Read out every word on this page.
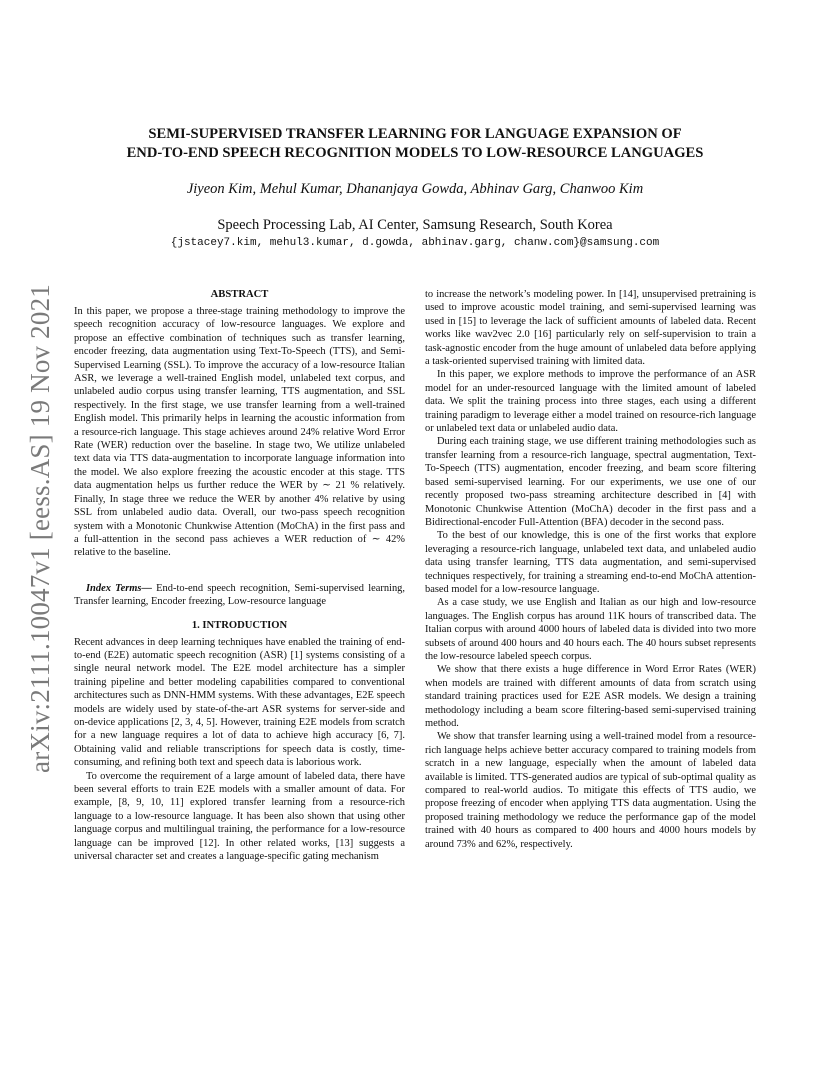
arXiv:2111.10047v1 [eess.AS] 19 Nov 2021
SEMI-SUPERVISED TRANSFER LEARNING FOR LANGUAGE EXPANSION OF
END-TO-END SPEECH RECOGNITION MODELS TO LOW-RESOURCE LANGUAGES
Jiyeon Kim, Mehul Kumar, Dhananjaya Gowda, Abhinav Garg, Chanwoo Kim
Speech Processing Lab, AI Center, Samsung Research, South Korea
{jstacey7.kim, mehul3.kumar, d.gowda, abhinav.garg, chanw.com}@samsung.com
ABSTRACT

In this paper, we propose a three-stage training methodology to improve the speech recognition accuracy of low-resource languages. We explore and propose an effective combination of techniques such as transfer learning, encoder freezing, data augmentation using Text-To-Speech (TTS), and Semi-Supervised Learning (SSL). To improve the accuracy of a low-resource Italian ASR, we leverage a well-trained English model, unlabeled text corpus, and unlabeled audio corpus using transfer learning, TTS augmentation, and SSL respectively. In the first stage, we use transfer learning from a well-trained English model. This primarily helps in learning the acoustic information from a resource-rich language. This stage achieves around 24% relative Word Error Rate (WER) reduction over the baseline. In stage two, We utilize unlabeled text data via TTS data-augmentation to incorporate language information into the model. We also explore freezing the acoustic encoder at this stage. TTS data augmentation helps us further reduce the WER by ∼ 21 % relatively. Finally, In stage three we reduce the WER by another 4% relative by using SSL from unlabeled audio data. Overall, our two-pass speech recognition system with a Monotonic Chunkwise Attention (MoChA) in the first pass and a full-attention in the second pass achieves a WER reduction of ∼ 42% relative to the baseline.

Index Terms— End-to-end speech recognition, Semi-supervised learning, Transfer learning, Encoder freezing, Low-resource language

1. INTRODUCTION

Recent advances in deep learning techniques have enabled the training of end-to-end (E2E) automatic speech recognition (ASR) [1] systems consisting of a single neural network model. The E2E model architecture has a simpler training pipeline and better modeling capabilities compared to conventional architectures such as DNN-HMM systems. With these advantages, E2E speech models are widely used by state-of-the-art ASR systems for server-side and on-device applications [2, 3, 4, 5]. However, training E2E models from scratch for a new language requires a lot of data to achieve high accuracy [6, 7]. Obtaining valid and reliable transcriptions for speech data is costly, time-consuming, and refining both text and speech data is laborious work.

To overcome the requirement of a large amount of labeled data, there have been several efforts to train E2E models with a smaller amount of data. For example, [8, 9, 10, 11] explored transfer learning from a resource-rich language to a low-resource language. It has been also shown that using other language corpus and multilingual training, the performance for a low-resource language can be improved [12]. In other related works, [13] suggests a universal character set and creates a language-specific gating mechanism

to increase the network’s modeling power. In [14], unsupervised pretraining is used to improve acoustic model training, and semi-supervised learning was used in [15] to leverage the lack of sufficient amounts of labeled data. Recent works like wav2vec 2.0 [16] particularly rely on self-supervision to train a task-agnostic encoder from the huge amount of unlabeled data before applying a task-oriented supervised training with limited data.

In this paper, we explore methods to improve the performance of an ASR model for an under-resourced language with the limited amount of labeled data. We split the training process into three stages, each using a different training paradigm to leverage either a model trained on resource-rich language or unlabeled text data or unlabeled audio data.

During each training stage, we use different training methodologies such as transfer learning from a resource-rich language, spectral augmentation, Text-To-Speech (TTS) augmentation, encoder freezing, and beam score filtering based semi-supervised learning. For our experiments, we use one of our recently proposed two-pass streaming architecture described in [4] with Monotonic Chunkwise Attention (MoChA) decoder in the first pass and a Bidirectional-encoder Full-Attention (BFA) decoder in the second pass.

To the best of our knowledge, this is one of the first works that explore leveraging a resource-rich language, unlabeled text data, and unlabeled audio data using transfer learning, TTS data augmentation, and semi-supervised techniques respectively, for training a streaming end-to-end MoChA attention-based model for a low-resource language.

As a case study, we use English and Italian as our high and low-resource languages. The English corpus has around 11K hours of transcribed data. The Italian corpus with around 4000 hours of labeled data is divided into two more subsets of around 400 hours and 40 hours each. The 40 hours subset represents the low-resource labeled speech corpus.

We show that there exists a huge difference in Word Error Rates (WER) when models are trained with different amounts of data from scratch using standard training practices used for E2E ASR models. We design a training methodology including a beam score filtering-based semi-supervised training method.

We show that transfer learning using a well-trained model from a resource-rich language helps achieve better accuracy compared to training models from scratch in a new language, especially when the amount of labeled data available is limited. TTS-generated audios are typical of sub-optimal quality as compared to real-world audios. To mitigate this effects of TTS audio, we propose freezing of encoder when applying TTS data augmentation. Using the proposed training methodology we reduce the performance gap of the model trained with 40 hours as compared to 400 hours and 4000 hours models by around 73% and 62%, respectively.
